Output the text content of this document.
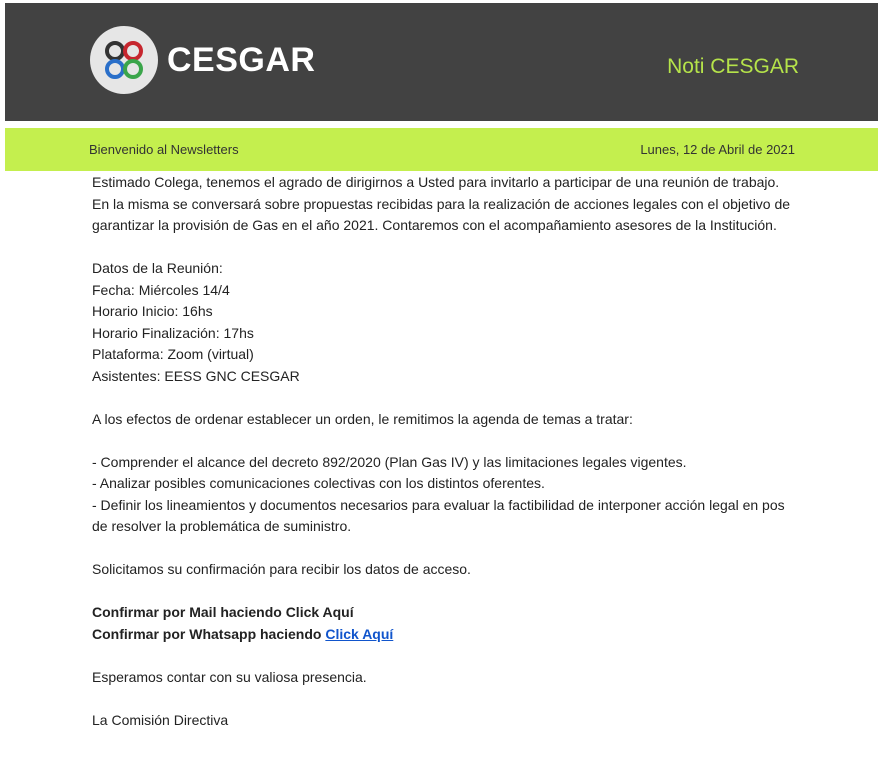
CESGAR	Noti CESGAR
Bienvenido al Newsletters	Lunes, 12 de Abril de 2021

Estimado Colega, tenemos el agrado de dirigirnos a Usted para invitarlo a participar de una reunión de trabajo. En la misma se conversará sobre propuestas recibidas para la realización de acciones legales con el objetivo de garantizar la provisión de Gas en el año 2021. Contaremos con el acompañamiento asesores de la Institución.

Datos de la Reunión:

Fecha: Miércoles 14/4

Horario Inicio: 16hs

Horario Finalización: 17hs

Plataforma: Zoom (virtual)

Asistentes: EESS GNC CESGAR

A los efectos de ordenar establecer un orden, le remitimos la agenda de temas a tratar:

- Comprender el alcance del decreto 892/2020 (Plan Gas IV) y las limitaciones legales vigentes.

- Analizar posibles comunicaciones colectivas con los distintos oferentes.

- Definir los lineamientos y documentos necesarios para evaluar la factibilidad de interponer acción legal en pos de resolver la problemática de suministro.

Solicitamos su confirmación para recibir los datos de acceso.

Confirmar por Mail haciendo Click Aquí

Confirmar por Whatsapp haciendo Click Aquí

Esperamos contar con su valiosa presencia.

La Comisión Directiva
